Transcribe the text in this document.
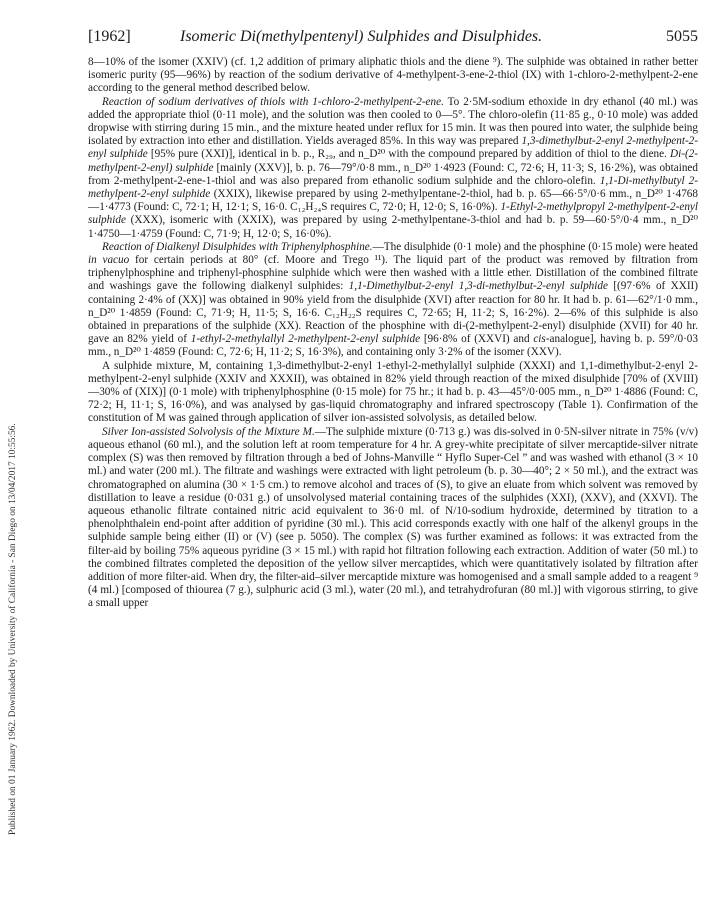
Published on 01 January 1962. Downloaded by University of California - San Diego on 13/04/2017 10:55:56.
[1962]	Isomeric Di(methylpentenyl) Sulphides and Disulphides.	5055

8—10% of the isomer (XXIV) (cf. 1,2 addition of primary aliphatic thiols and the diene ⁹). The sulphide was obtained in rather better isomeric purity (95—96%) by reaction of the sodium derivative of 4-methylpent-3-ene-2-thiol (IX) with 1-chloro-2-methylpent-2-ene according to the general method described below.

Reaction of sodium derivatives of thiols with 1-chloro-2-methylpent-2-ene. To 2·5M-sodium ethoxide in dry ethanol (40 ml.) was added the appropriate thiol (0·11 mole), and the solution was then cooled to 0—5°. The chloro-olefin (11·85 g., 0·10 mole) was added dropwise with stirring during 15 min., and the mixture heated under reflux for 15 min. It was then poured into water, the sulphide being isolated by extraction into ether and distillation. Yields averaged 85%. In this way was prepared 1,3-dimethylbut-2-enyl 2-methylpent-2-enyl sulphide [95% pure (XXI)], identical in b. p., R₂₉, and n_D²⁰ with the compound prepared by addition of thiol to the diene. Di-(2-methylpent-2-enyl) sulphide [mainly (XXV)], b. p. 76—79°/0·8 mm., n_D²⁰ 1·4923 (Found: C, 72·6; H, 11·3; S, 16·2%), was obtained from 2-methylpent-2-ene-1-thiol and was also prepared from ethanolic sodium sulphide and the chloro-olefin. 1,1-Di-methylbutyl 2-methylpent-2-enyl sulphide (XXIX), likewise prepared by using 2-methylpentane-2-thiol, had b. p. 65—66·5°/0·6 mm., n_D²⁰ 1·4768—1·4773 (Found: C, 72·1; H, 12·1; S, 16·0. C₁₂H₂₄S requires C, 72·0; H, 12·0; S, 16·0%). 1-Ethyl-2-methylpropyl 2-methylpent-2-enyl sulphide (XXX), isomeric with (XXIX), was prepared by using 2-methylpentane-3-thiol and had b. p. 59—60·5°/0·4 mm., n_D²⁰ 1·4750—1·4759 (Found: C, 71·9; H, 12·0; S, 16·0%).

Reaction of Dialkenyl Disulphides with Triphenylphosphine.—The disulphide (0·1 mole) and the phosphine (0·15 mole) were heated in vacuo for certain periods at 80° (cf. Moore and Trego ¹¹). The liquid part of the product was removed by filtration from triphenylphosphine and triphenyl-phosphine sulphide which were then washed with a little ether. Distillation of the combined filtrate and washings gave the following dialkenyl sulphides: 1,1-Dimethylbut-2-enyl 1,3-di-methylbut-2-enyl sulphide [(97·6% of XXII) containing 2·4% of (XX)] was obtained in 90% yield from the disulphide (XVI) after reaction for 80 hr. It had b. p. 61—62°/1·0 mm., n_D²⁰ 1·4859 (Found: C, 71·9; H, 11·5; S, 16·6. C₁₂H₂₂S requires C, 72·65; H, 11·2; S, 16·2%). 2—6% of this sulphide is also obtained in preparations of the sulphide (XX). Reaction of the phosphine with di-(2-methylpent-2-enyl) disulphide (XVII) for 40 hr. gave an 82% yield of 1-ethyl-2-methylallyl 2-methylpent-2-enyl sulphide [96·8% of (XXVI) and cis-analogue], having b. p. 59°/0·03 mm., n_D²⁰ 1·4859 (Found: C, 72·6; H, 11·2; S, 16·3%), and containing only 3·2% of the isomer (XXV).

A sulphide mixture, M, containing 1,3-dimethylbut-2-enyl 1-ethyl-2-methylallyl sulphide (XXXI) and 1,1-dimethylbut-2-enyl 2-methylpent-2-enyl sulphide (XXIV and XXXII), was obtained in 82% yield through reaction of the mixed disulphide [70% of (XVIII)—30% of (XIX)] (0·1 mole) with triphenylphosphine (0·15 mole) for 75 hr.; it had b. p. 43—45°/0·005 mm., n_D²⁰ 1·4886 (Found: C, 72·2; H, 11·1; S, 16·0%), and was analysed by gas-liquid chromatography and infrared spectroscopy (Table 1). Confirmation of the constitution of M was gained through application of silver ion-assisted solvolysis, as detailed below.

Silver Ion-assisted Solvolysis of the Mixture M.—The sulphide mixture (0·713 g.) was dis-solved in 0·5N-silver nitrate in 75% (v/v) aqueous ethanol (60 ml.), and the solution left at room temperature for 4 hr. A grey-white precipitate of silver mercaptide-silver nitrate complex (S) was then removed by filtration through a bed of Johns-Manville “ Hyflo Super-Cel ” and was washed with ethanol (3 × 10 ml.) and water (200 ml.). The filtrate and washings were extracted with light petroleum (b. p. 30—40°; 2 × 50 ml.), and the extract was chromatographed on alumina (30 × 1·5 cm.) to remove alcohol and traces of (S), to give an eluate from which solvent was removed by distillation to leave a residue (0·031 g.) of unsolvolysed material containing traces of the sulphides (XXI), (XXV), and (XXVI). The aqueous ethanolic filtrate contained nitric acid equivalent to 36·0 ml. of N/10-sodium hydroxide, determined by titration to a phenolphthalein end-point after addition of pyridine (30 ml.). This acid corresponds exactly with one half of the alkenyl groups in the sulphide sample being either (II) or (V) (see p. 5050). The complex (S) was further examined as follows: it was extracted from the filter-aid by boiling 75% aqueous pyridine (3 × 15 ml.) with rapid hot filtration following each extraction. Addition of water (50 ml.) to the combined filtrates completed the deposition of the yellow silver mercaptides, which were quantitatively isolated by filtration after addition of more filter-aid. When dry, the filter-aid–silver mercaptide mixture was homogenised and a small sample added to a reagent ⁹ (4 ml.) [composed of thiourea (7 g.), sulphuric acid (3 ml.), water (20 ml.), and tetrahydrofuran (80 ml.)] with vigorous stirring, to give a small upper
